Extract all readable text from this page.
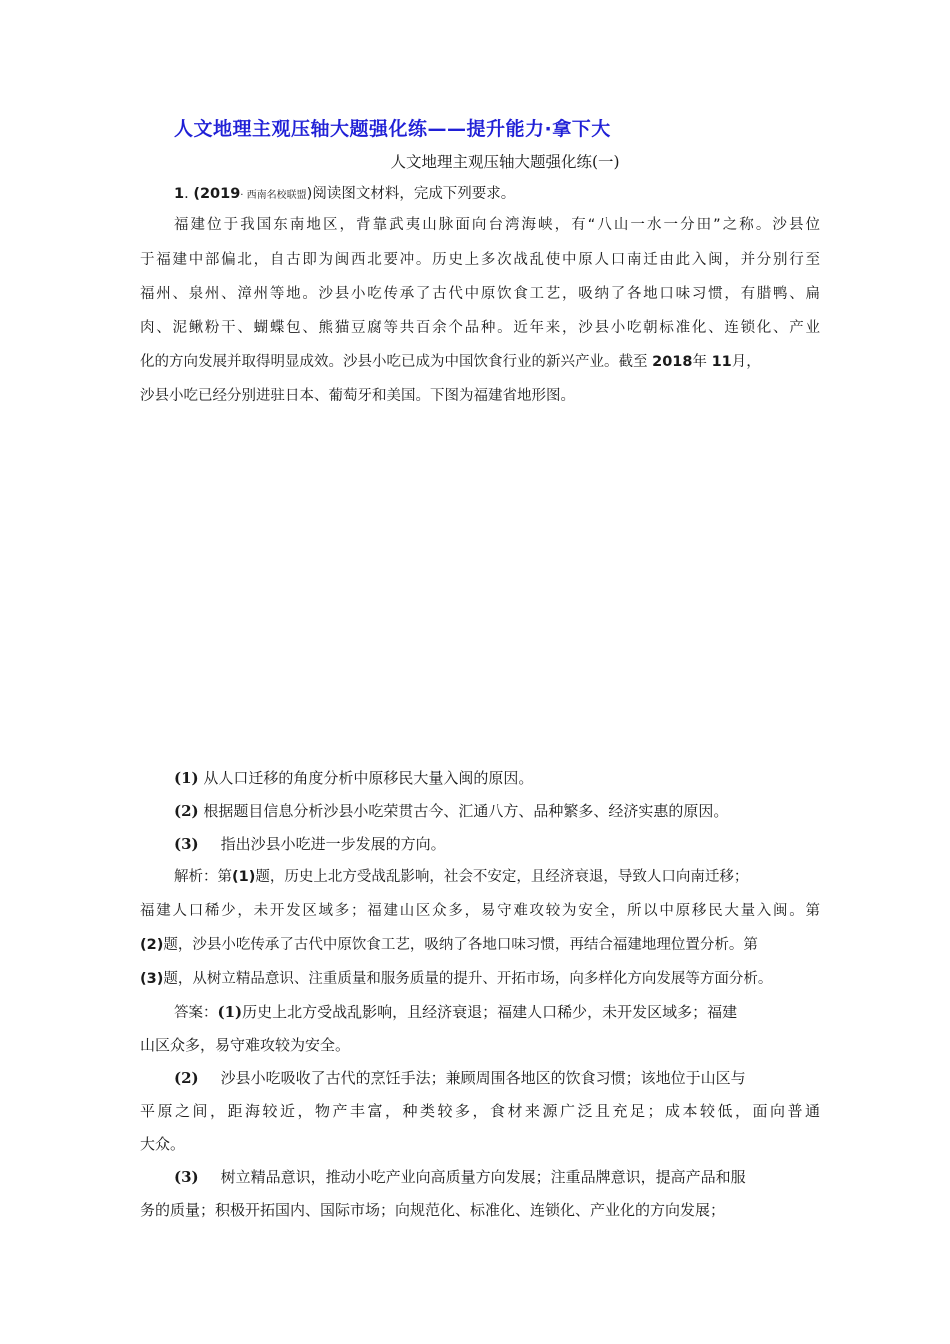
人文地理主观压轴大题强化练——提升能力·拿下大
人文地理主观压轴大题强化练(一)
1. (2019· 西南名校联盟)阅读图文材料，完成下列要求。
福建位于我国东南地区，背靠武夷山脉面向台湾海峡，有“八山一水一分田”之称。沙县位
于福建中部偏北，自古即为闽西北要冲。历史上多次战乱使中原人口南迁由此入闽，并分别行至
福州、泉州、漳州等地。沙县小吃传承了古代中原饮食工艺，吸纳了各地口味习惯，有腊鸭、扁
肉、泥鳅粉干、蝴蝶包、熊猫豆腐等共百余个品种。近年来，沙县小吃朝标准化、连锁化、产业
化的方向发展并取得明显成效。沙县小吃已成为中国饮食行业的新兴产业。截至 2018年 11月，
沙县小吃已经分别进驻日本、葡萄牙和美国。下图为福建省地形图。
(1) 从人口迁移的角度分析中原移民大量入闽的原因。
(2) 根据题目信息分析沙县小吃荣贯古今、汇通八方、品种繁多、经济实惠的原因。
(3) 指出沙县小吃进一步发展的方向。
解析：第(1)题，历史上北方受战乱影响，社会不安定，且经济衰退，导致人口向南迁移；
福建人口稀少，未开发区域多；福建山区众多，易守难攻较为安全，所以中原移民大量入闽。第
(2)题，沙县小吃传承了古代中原饮食工艺，吸纳了各地口味习惯，再结合福建地理位置分析。第
(3)题，从树立精品意识、注重质量和服务质量的提升、开拓市场，向多样化方向发展等方面分析。
答案：(1)历史上北方受战乱影响，且经济衰退；福建人口稀少，未开发区域多；福建
山区众多，易守难攻较为安全。
(2) 沙县小吃吸收了古代的烹饪手法；兼顾周围各地区的饮食习惯；该地位于山区与
平原之间，距海较近，物产丰富，种类较多，食材来源广泛且充足；成本较低，面向普通
大众。
(3) 树立精品意识，推动小吃产业向高质量方向发展；注重品牌意识，提高产品和服
务的质量；积极开拓国内、国际市场；向规范化、标准化、连锁化、产业化的方向发展；
